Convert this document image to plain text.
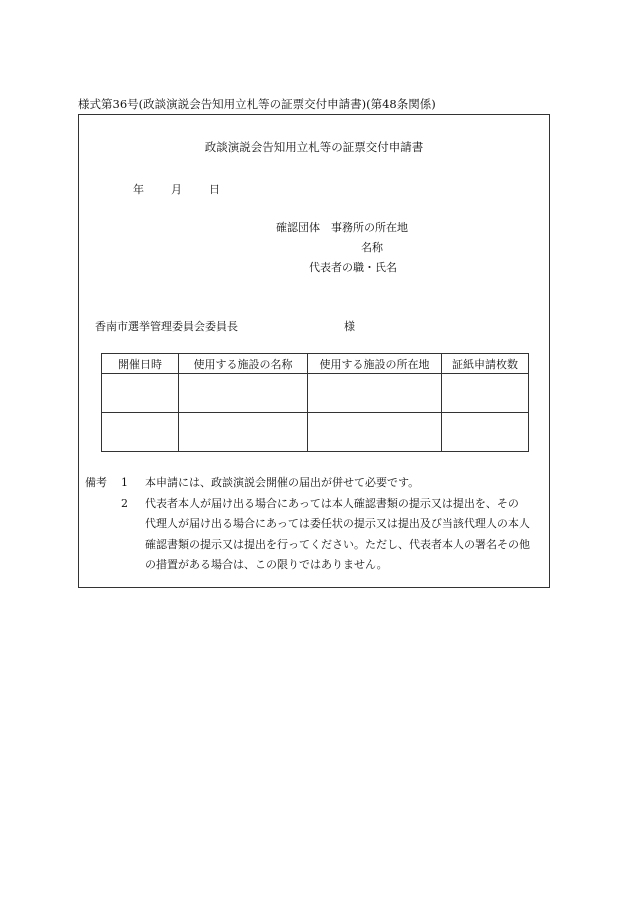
様式第36号(政談演説会告知用立札等の証票交付申請書)(第48条関係)
政談演説会告知用立札等の証票交付申請書
年 月 日
確認団体　事務所の所在地
名称
代表者の職・氏名
香南市選挙管理委員会委員長	様
開催日時	使用する施設の名称	使用する施設の所在地	証紙申請枚数

備考	1	本申請には、政談演説会開催の届出が併せて必要です。
2	代表者本人が届け出る場合にあっては本人確認書類の提示又は提出を、その
代理人が届け出る場合にあっては委任状の提示又は提出及び当該代理人の本人
確認書類の提示又は提出を行ってください。ただし、代表者本人の署名その他
の措置がある場合は、この限りではありません。
